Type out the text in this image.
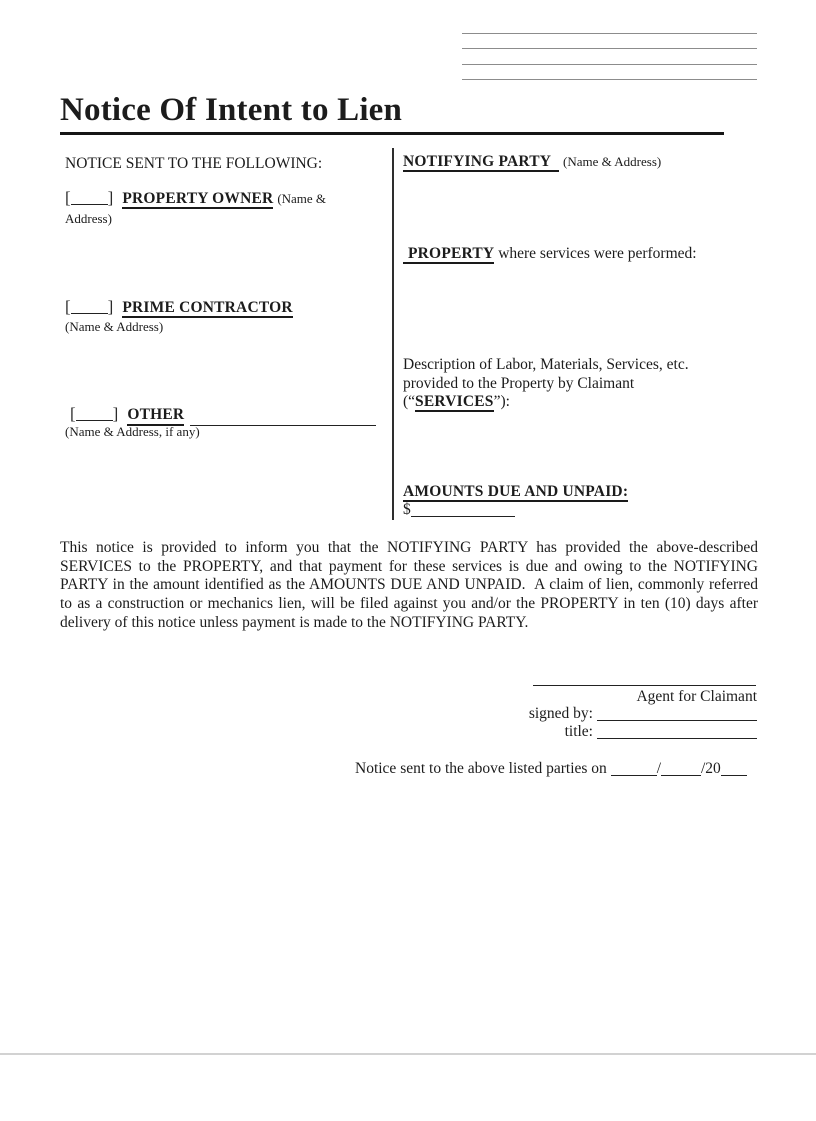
Notice Of Intent to Lien
NOTICE SENT TO THE FOLLOWING:
[ ] PROPERTY OWNER (Name & Address)
[ ] PRIME CONTRACTOR
(Name & Address)
[ ] OTHER
(Name & Address, if any)
NOTIFYING PARTY (Name & Address)
PROPERTY where services were performed:
Description of Labor, Materials, Services, etc. provided to the Property by Claimant (“SERVICES”):
AMOUNTS DUE AND UNPAID:
$
This notice is provided to inform you that the NOTIFYING PARTY has provided the above-described SERVICES to the PROPERTY, and that payment for these services is due and owing to the NOTIFYING PARTY in the amount identified as the AMOUNTS DUE AND UNPAID.  A claim of lien, commonly referred to as a construction or mechanics lien, will be filed against you and/or the PROPERTY in ten (10) days after delivery of this notice unless payment is made to the NOTIFYING PARTY.
Agent for Claimant
signed by:
title:
Notice sent to the above listed parties on	/	/20
